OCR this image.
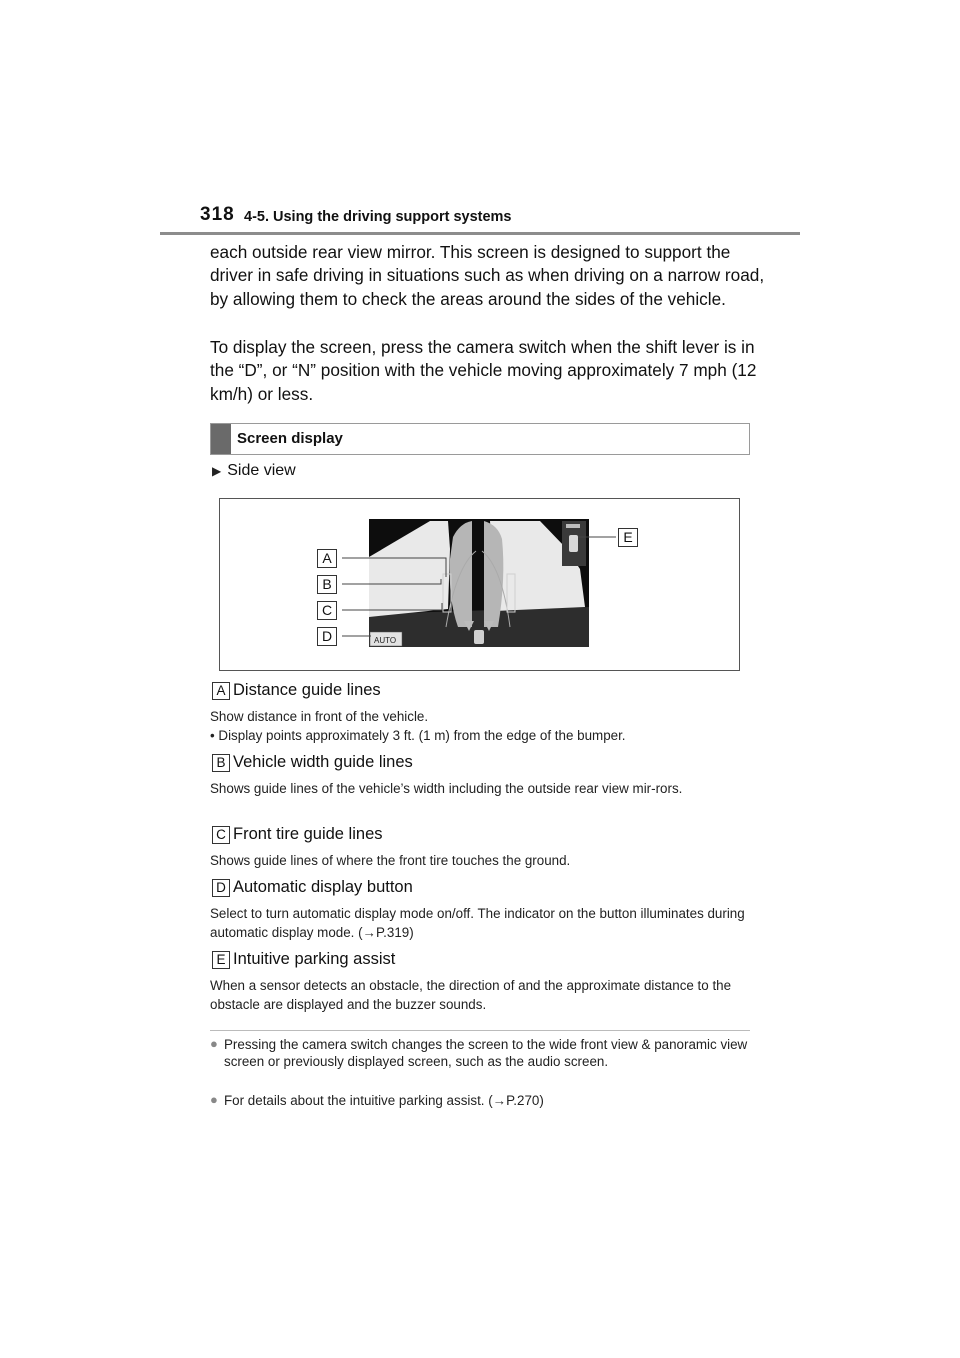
318 4-5. Using the driving support systems

each outside rear view mirror. This screen is designed to support the driver in safe driving in situations such as when driving on a narrow road, by allowing them to check the areas around the sides of the vehicle.

To display the screen, press the camera switch when the shift lever is in the “D”, or “N” position with the vehicle moving approximately 7 mph (12 km/h) or less.

Screen display
▶ Side view
AUTO
A
B
C
D
E
A Distance guide lines

Show distance in front of the vehicle.

• Display points approximately 3 ft. (1 m) from the edge of the bumper.

B Vehicle width guide lines

Shows guide lines of the vehicle’s width including the outside rear view mir-rors.

C Front tire guide lines

Shows guide lines of where the front tire touches the ground.

D Automatic display button

Select to turn automatic display mode on/off. The indicator on the button illuminates during automatic display mode. (→P.319)

E Intuitive parking assist

When a sensor detects an obstacle, the direction of and the approximate distance to the obstacle are displayed and the buzzer sounds.

● Pressing the camera switch changes the screen to the wide front view & panoramic view screen or previously displayed screen, such as the audio screen.

● For details about the intuitive parking assist. (→P.270)
